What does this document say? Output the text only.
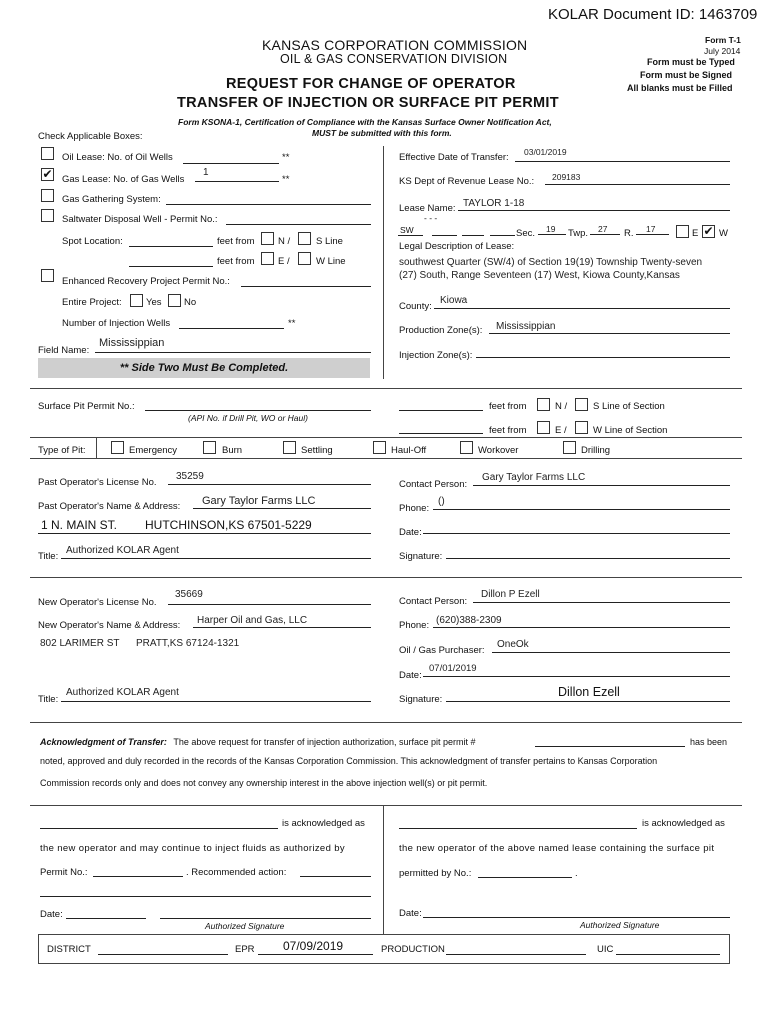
KOLAR Document ID: 1463709
KANSAS CORPORATION COMMISSION
OIL & GAS CONSERVATION DIVISION
REQUEST FOR CHANGE OF OPERATOR
TRANSFER OF INJECTION OR SURFACE PIT PERMIT
Form T-1
July 2014
Form must be Typed
Form must be Signed
All blanks must be Filled
Form KSONA-1, Certification of Compliance with the Kansas Surface Owner Notification Act,
MUST be submitted with this form.
Check Applicable Boxes:
Oil Lease: No. of Oil Wells	**
✔ Gas Lease: No. of Gas Wells
1
**
Gas Gathering System:
Saltwater Disposal Well - Permit No.:
Spot Location:	feet from N /	S Line
feet from E /	W Line
Enhanced Recovery Project Permit No.:
Entire Project:	Yes No
Number of Injection Wells	**
Field Name:
Mississippian
** Side Two Must Be Completed.
Effective Date of Transfer: 03/01/2019
KS Dept of Revenue Lease No.: 209183
Lease Name: TAYLOR 1-18
- - -
SW	Sec. 19 Twp. 27 R. 17	E ✔ W
Legal Description of Lease:
southwest Quarter (SW/4) of Section 19(19) Township Twenty-seven
(27) South, Range Seventeen (17) West, Kiowa County,Kansas
County:
Kiowa
Production Zone(s): Mississippian
Injection Zone(s):
Surface Pit Permit No.:
(API No. if Drill Pit, WO or Haul)
feet from	N /	S Line of Section
feet from	E /	W Line of Section
Type of Pit:	Emergency	Burn	Settling	Haul-Off	Workover	Drilling
Past Operator's License No.
35259
Past Operator's Name & Address: Gary Taylor Farms LLC
1 N. MAIN ST. HUTCHINSON,KS 67501-5229
Title:
Authorized KOLAR Agent
Contact Person:
Gary Taylor Farms LLC
Phone:
()
Date:
Signature:
New Operator's License No.
35669
New Operator's Name & Address: Harper Oil and Gas, LLC
802 LARIMER ST PRATT,KS 67124-1321
Title:
Authorized KOLAR Agent
Contact Person:
Dillon P Ezell
Phone: (620)388-2309
Oil / Gas Purchaser:
OneOk
Date:
07/01/2019
Signature:
Dillon Ezell
Acknowledgment of Transfer: The above request for transfer of injection authorization, surface pit permit #	has been
noted, approved and duly recorded in the records of the Kansas Corporation Commission. This acknowledgment of transfer pertains to Kansas Corporation
Commission records only and does not convey any ownership interest in the above injection well(s) or pit permit.
is acknowledged as
the new operator and may continue to inject fluids as authorized by
Permit No.:	. Recommended action:
Date:
Authorized Signature
is acknowledged as
the new operator of the above named lease containing the surface pit
permitted by No.:	.
Date:
Authorized Signature
DISTRICT	EPR 07/09/2019	PRODUCTION	UIC
